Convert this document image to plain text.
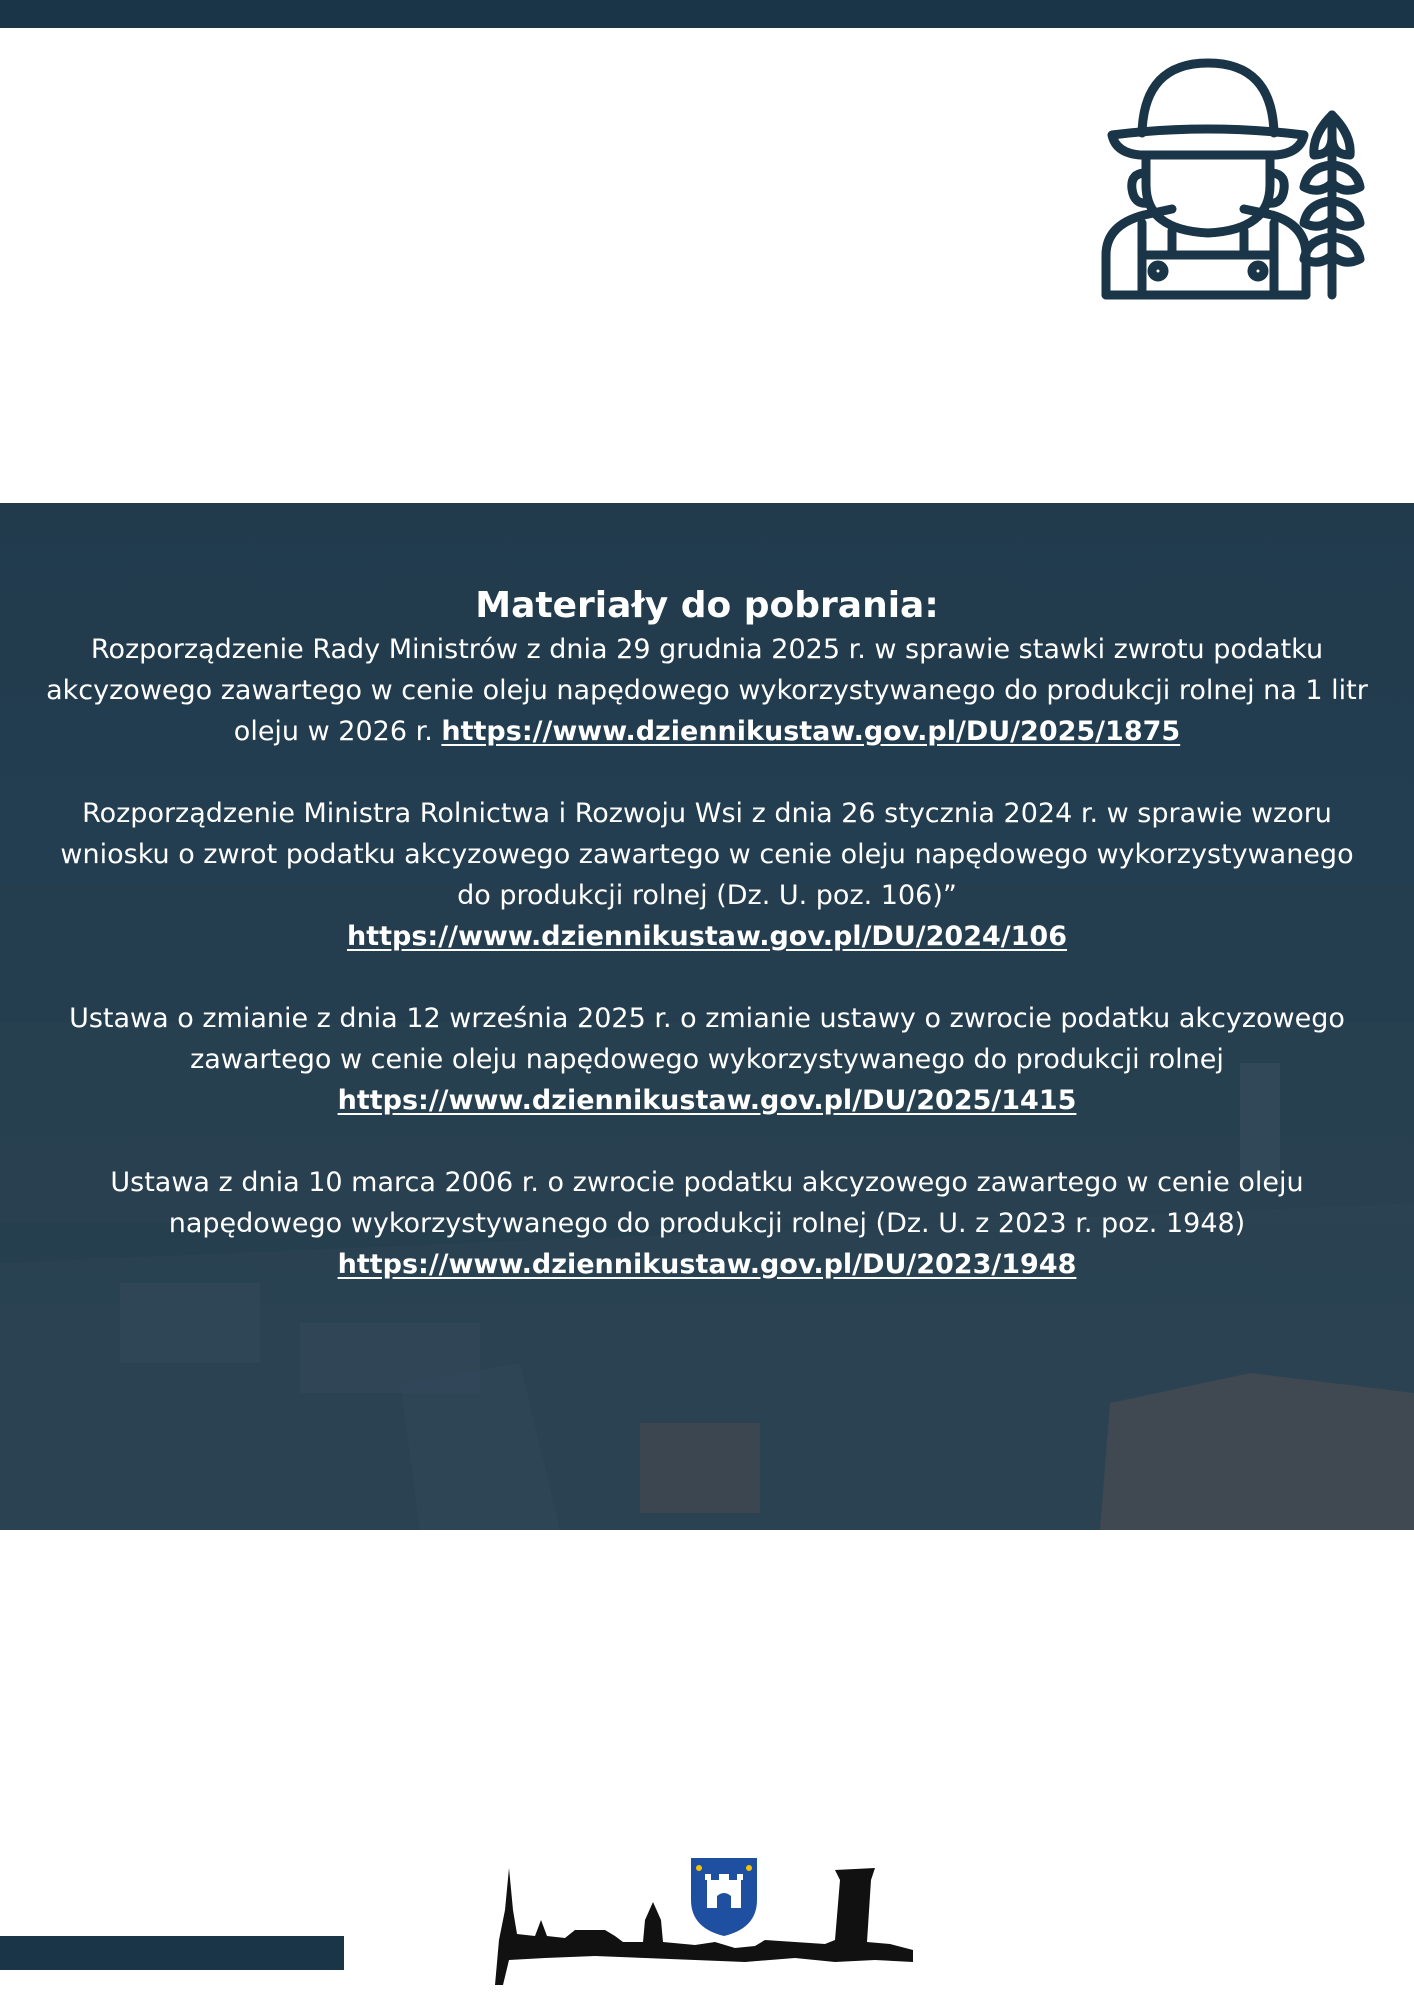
Materiały do pobrania:

Rozporządzenie Rady Ministrów z dnia 29 grudnia 2025 r. w sprawie stawki zwrotu podatku akcyzowego zawartego w cenie oleju napędowego wykorzystywanego do produkcji rolnej na 1 litr oleju w 2026 r. https://www.dziennikustaw.gov.pl/DU/2025/1875

Rozporządzenie Ministra Rolnictwa i Rozwoju Wsi z dnia 26 stycznia 2024 r. w sprawie wzoru wniosku o zwrot podatku akcyzowego zawartego w cenie oleju napędowego wykorzystywanego do produkcji rolnej (Dz. U. poz. 106)”
https://www.dziennikustaw.gov.pl/DU/2024/106

Ustawa o zmianie z dnia 12 września 2025 r. o zmianie ustawy o zwrocie podatku akcyzowego zawartego w cenie oleju napędowego wykorzystywanego do produkcji rolnej
https://www.dziennikustaw.gov.pl/DU/2025/1415

Ustawa z dnia 10 marca 2006 r. o zwrocie podatku akcyzowego zawartego w cenie oleju napędowego wykorzystywanego do produkcji rolnej (Dz. U. z 2023 r. poz. 1948)
https://www.dziennikustaw.gov.pl/DU/2023/1948
